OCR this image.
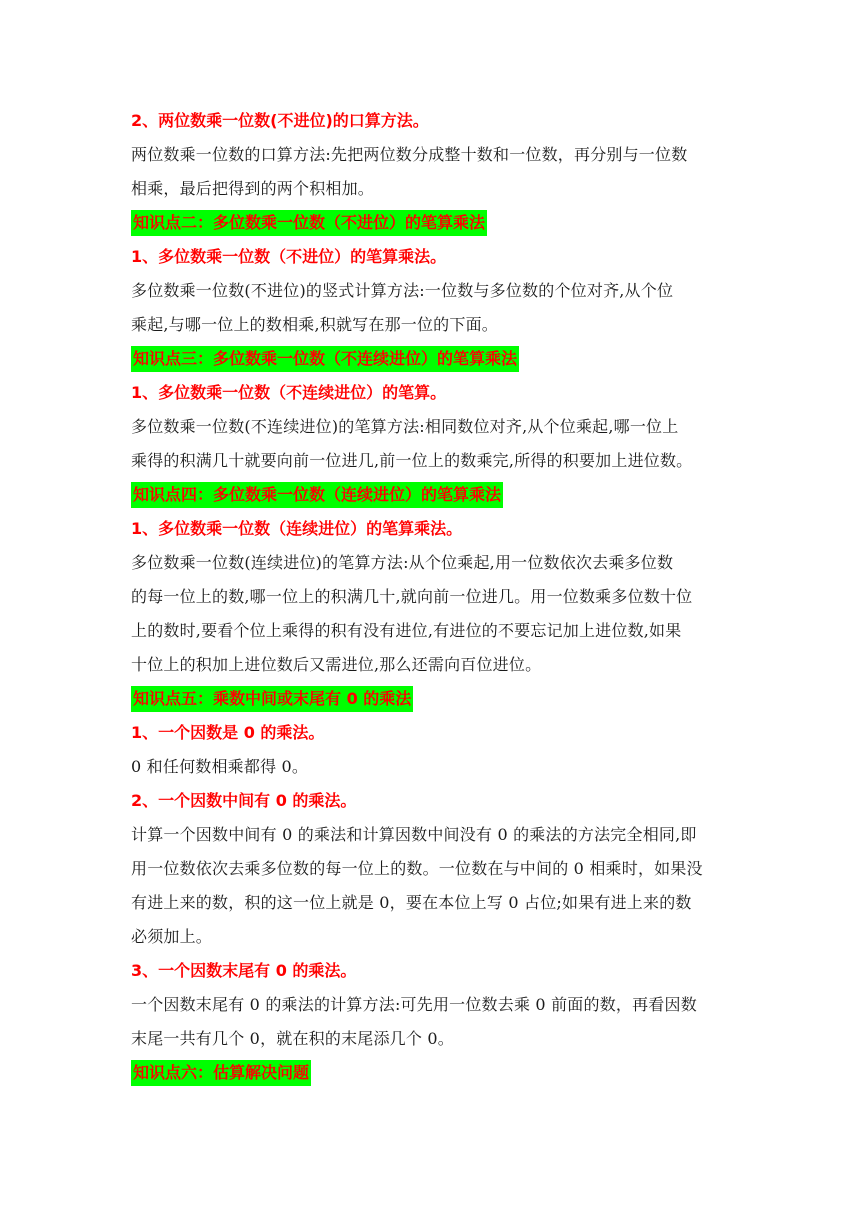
2、两位数乘一位数(不进位)的口算方法。
两位数乘一位数的口算方法:先把两位数分成整十数和一位数，再分别与一位数
相乘，最后把得到的两个积相加。
知识点二：多位数乘一位数（不进位）的笔算乘法
1、多位数乘一位数（不进位）的笔算乘法。
多位数乘一位数(不进位)的竖式计算方法:一位数与多位数的个位对齐,从个位
乘起,与哪一位上的数相乘,积就写在那一位的下面。
知识点三：多位数乘一位数（不连续进位）的笔算乘法
1、多位数乘一位数（不连续进位）的笔算。
多位数乘一位数(不连续进位)的笔算方法:相同数位对齐,从个位乘起,哪一位上
乘得的积满几十就要向前一位进几,前一位上的数乘完,所得的积要加上进位数。
知识点四：多位数乘一位数（连续进位）的笔算乘法
1、多位数乘一位数（连续进位）的笔算乘法。
多位数乘一位数(连续进位)的笔算方法:从个位乘起,用一位数依次去乘多位数
的每一位上的数,哪一位上的积满几十,就向前一位进几。用一位数乘多位数十位
上的数时,要看个位上乘得的积有没有进位,有进位的不要忘记加上进位数,如果
十位上的积加上进位数后又需进位,那么还需向百位进位。
知识点五：乘数中间或末尾有 0 的乘法
1、一个因数是 0 的乘法。
0 和任何数相乘都得 0。
2、一个因数中间有 0 的乘法。
计算一个因数中间有 0 的乘法和计算因数中间没有 0 的乘法的方法完全相同,即
用一位数依次去乘多位数的每一位上的数。一位数在与中间的 0 相乘时，如果没
有进上来的数，积的这一位上就是 0，要在本位上写 0 占位;如果有进上来的数
必须加上。
3、一个因数末尾有 0 的乘法。
一个因数末尾有 0 的乘法的计算方法:可先用一位数去乘 0 前面的数，再看因数
末尾一共有几个 0，就在积的末尾添几个 0。
知识点六：估算解决问题
